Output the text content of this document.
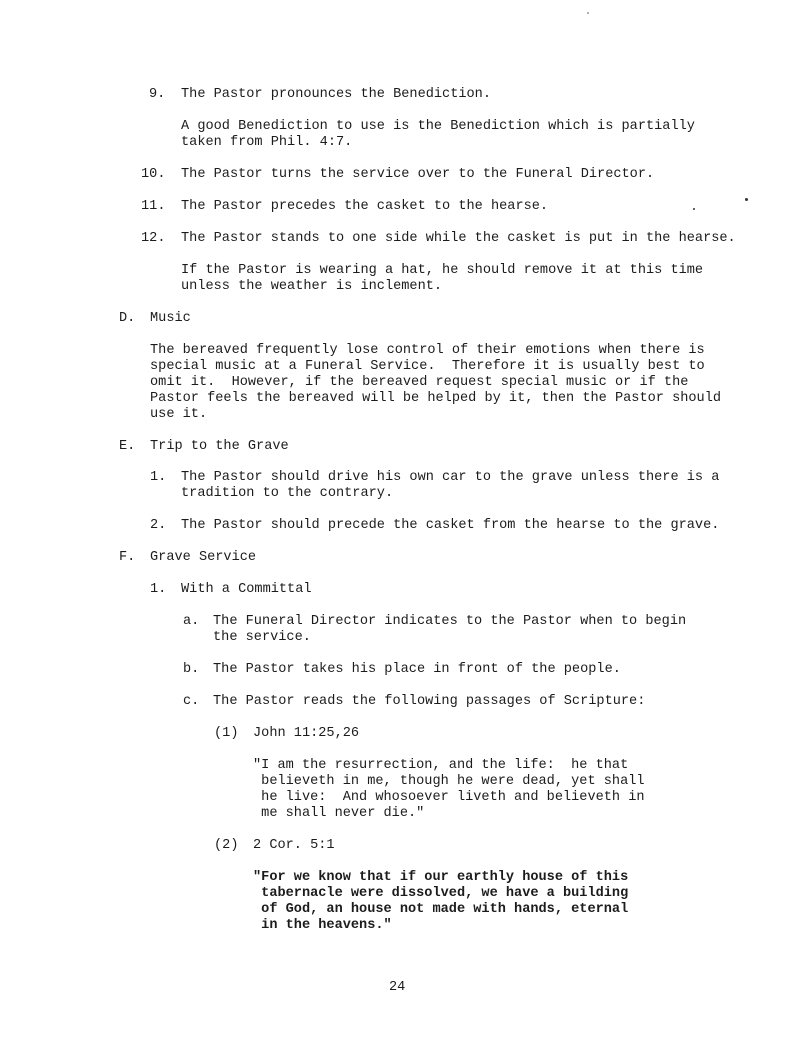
9. The Pastor pronounces the Benediction.
A good Benediction to use is the Benediction which is partially
taken from Phil. 4:7.
10. The Pastor turns the service over to the Funeral Director.
11. The Pastor precedes the casket to the hearse.
12. The Pastor stands to one side while the casket is put in the hearse.
If the Pastor is wearing a hat, he should remove it at this time
unless the weather is inclement.
D. Music
The bereaved frequently lose control of their emotions when there is
special music at a Funeral Service.  Therefore it is usually best to
omit it.  However, if the bereaved request special music or if the
Pastor feels the bereaved will be helped by it, then the Pastor should
use it.
E. Trip to the Grave
1. The Pastor should drive his own car to the grave unless there is a
tradition to the contrary.
2. The Pastor should precede the casket from the hearse to the grave.
F. Grave Service
1. With a Committal
a. The Funeral Director indicates to the Pastor when to begin
the service.
b. The Pastor takes his place in front of the people.
c. The Pastor reads the following passages of Scripture:
(1) John 11:25,26
"I am the resurrection, and the life:  he that
believeth in me, though he were dead, yet shall
he live:  And whosoever liveth and believeth in
me shall never die."
(2) 2 Cor. 5:1
"For we know that if our earthly house of this
tabernacle were dissolved, we have a building
of God, an house not made with hands, eternal
in the heavens."
24
